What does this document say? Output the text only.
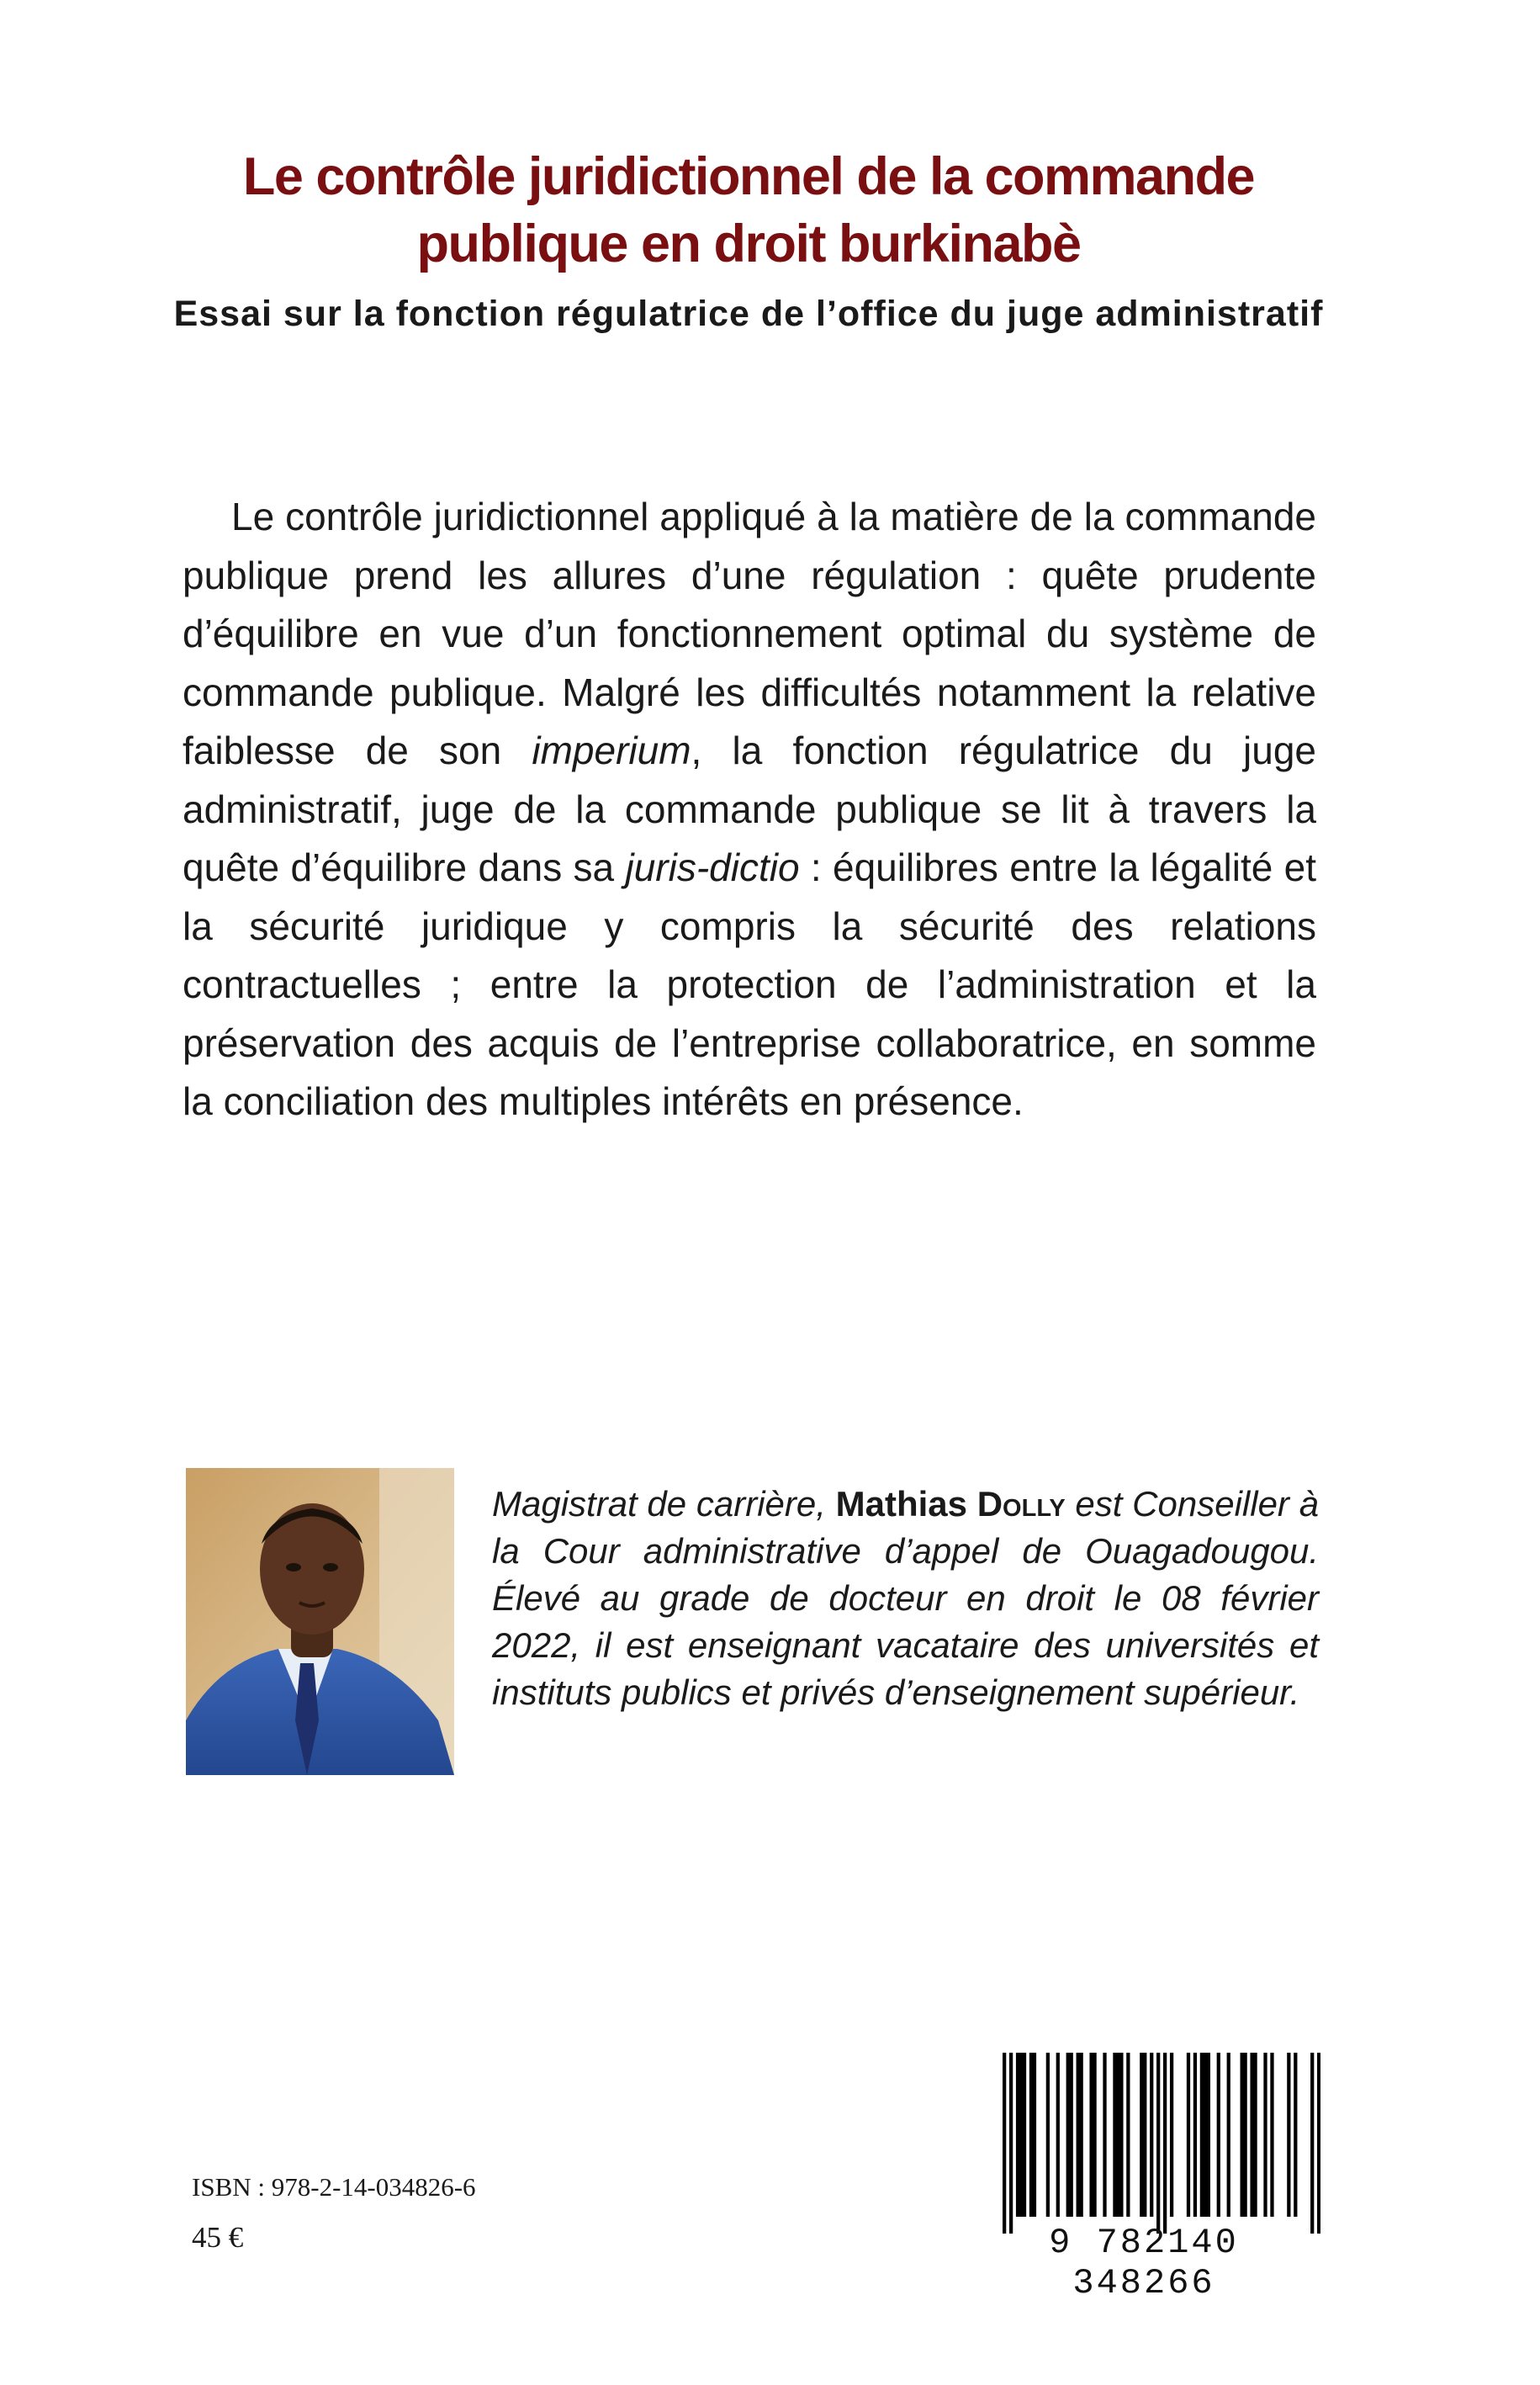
Le contrôle juridictionnel de la commande publique en droit burkinabè
Essai sur la fonction régulatrice de l’office du juge administratif

Le contrôle juridictionnel appliqué à la matière de la commande publique prend les allures d’une régulation : quête prudente d’équilibre en vue d’un fonctionnement optimal du système de commande publique. Malgré les difficultés notamment la relative faiblesse de son imperium, la fonction régulatrice du juge administratif, juge de la commande publique se lit à travers la quête d’équilibre dans sa juris-dictio : équilibres entre la légalité et la sécurité juridique y compris la sécurité des relations contractuelles ; entre la protection de l’administration et la préservation des acquis de l’entreprise collaboratrice, en somme la conciliation des multiples intérêts en présence.

Magistrat de carrière, Mathias Dolly est Conseiller à la Cour administrative d’appel de Ouagadougou. Élevé au grade de docteur en droit le 08 février 2022, il est enseignant vacataire des universités et instituts publics et privés d’enseignement supérieur.
ISBN : 978-2-14-034826-6
45 €	9 782140 348266
